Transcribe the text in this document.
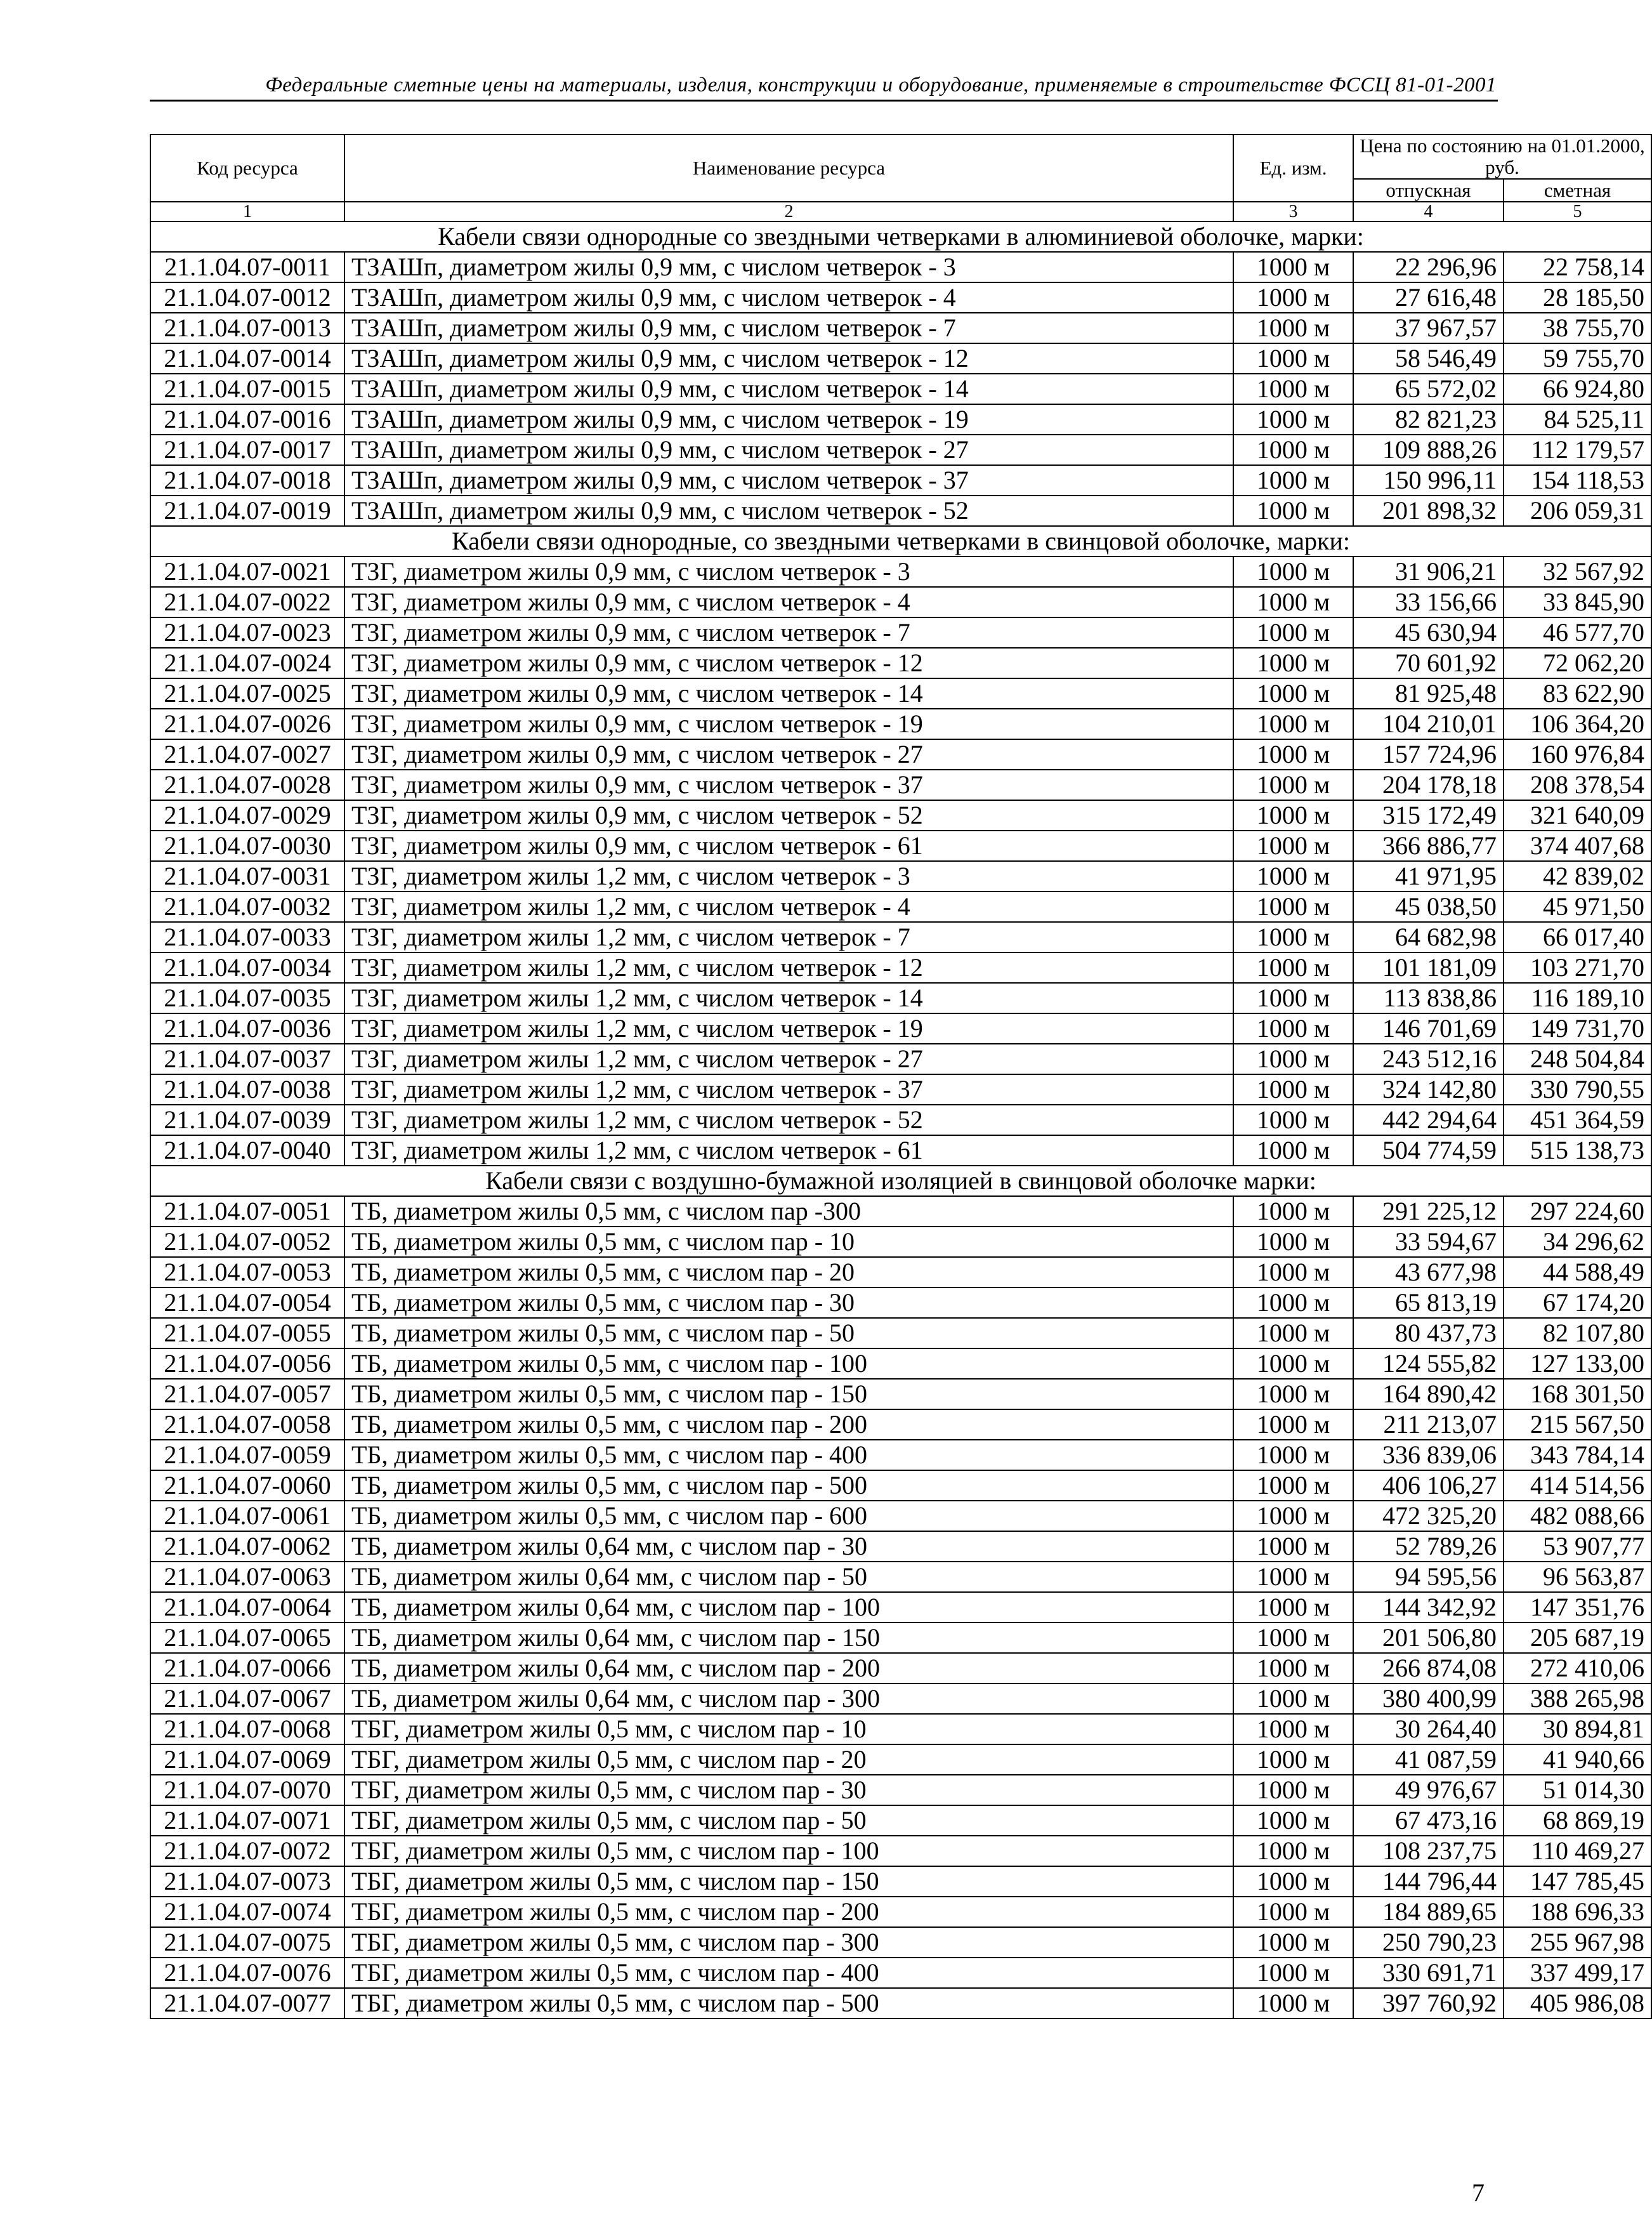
Федеральные сметные цены на материалы, изделия, конструкции и оборудование, применяемые в строительстве ФССЦ 81-01-2001
Код ресурса	Наименование ресурса	Ед. изм.	Цена по состоянию на 01.01.2000, руб.	
			отпускная	сметная
1	2	3	4	5
Кабели связи однородные со звездными четверками в алюминиевой оболочке, марки:				
21.1.04.07-0011	ТЗАШп, диаметром жилы 0,9 мм, с числом четверок - 3	1000 м	22 296,96	22 758,14
21.1.04.07-0012	ТЗАШп, диаметром жилы 0,9 мм, с числом четверок - 4	1000 м	27 616,48	28 185,50
21.1.04.07-0013	ТЗАШп, диаметром жилы 0,9 мм, с числом четверок - 7	1000 м	37 967,57	38 755,70
21.1.04.07-0014	ТЗАШп, диаметром жилы 0,9 мм, с числом четверок - 12	1000 м	58 546,49	59 755,70
21.1.04.07-0015	ТЗАШп, диаметром жилы 0,9 мм, с числом четверок - 14	1000 м	65 572,02	66 924,80
21.1.04.07-0016	ТЗАШп, диаметром жилы 0,9 мм, с числом четверок - 19	1000 м	82 821,23	84 525,11
21.1.04.07-0017	ТЗАШп, диаметром жилы 0,9 мм, с числом четверок - 27	1000 м	109 888,26	112 179,57
21.1.04.07-0018	ТЗАШп, диаметром жилы 0,9 мм, с числом четверок - 37	1000 м	150 996,11	154 118,53
21.1.04.07-0019	ТЗАШп, диаметром жилы 0,9 мм, с числом четверок - 52	1000 м	201 898,32	206 059,31
Кабели связи однородные, со звездными четверками в свинцовой оболочке, марки:				
21.1.04.07-0021	ТЗГ, диаметром жилы 0,9 мм, с числом четверок - 3	1000 м	31 906,21	32 567,92
21.1.04.07-0022	ТЗГ, диаметром жилы 0,9 мм, с числом четверок - 4	1000 м	33 156,66	33 845,90
21.1.04.07-0023	ТЗГ, диаметром жилы 0,9 мм, с числом четверок - 7	1000 м	45 630,94	46 577,70
21.1.04.07-0024	ТЗГ, диаметром жилы 0,9 мм, с числом четверок - 12	1000 м	70 601,92	72 062,20
21.1.04.07-0025	ТЗГ, диаметром жилы 0,9 мм, с числом четверок - 14	1000 м	81 925,48	83 622,90
21.1.04.07-0026	ТЗГ, диаметром жилы 0,9 мм, с числом четверок - 19	1000 м	104 210,01	106 364,20
21.1.04.07-0027	ТЗГ, диаметром жилы 0,9 мм, с числом четверок - 27	1000 м	157 724,96	160 976,84
21.1.04.07-0028	ТЗГ, диаметром жилы 0,9 мм, с числом четверок - 37	1000 м	204 178,18	208 378,54
21.1.04.07-0029	ТЗГ, диаметром жилы 0,9 мм, с числом четверок - 52	1000 м	315 172,49	321 640,09
21.1.04.07-0030	ТЗГ, диаметром жилы 0,9 мм, с числом четверок - 61	1000 м	366 886,77	374 407,68
21.1.04.07-0031	ТЗГ, диаметром жилы 1,2 мм, с числом четверок - 3	1000 м	41 971,95	42 839,02
21.1.04.07-0032	ТЗГ, диаметром жилы 1,2 мм, с числом четверок - 4	1000 м	45 038,50	45 971,50
21.1.04.07-0033	ТЗГ, диаметром жилы 1,2 мм, с числом четверок - 7	1000 м	64 682,98	66 017,40
21.1.04.07-0034	ТЗГ, диаметром жилы 1,2 мм, с числом четверок - 12	1000 м	101 181,09	103 271,70
21.1.04.07-0035	ТЗГ, диаметром жилы 1,2 мм, с числом четверок - 14	1000 м	113 838,86	116 189,10
21.1.04.07-0036	ТЗГ, диаметром жилы 1,2 мм, с числом четверок - 19	1000 м	146 701,69	149 731,70
21.1.04.07-0037	ТЗГ, диаметром жилы 1,2 мм, с числом четверок - 27	1000 м	243 512,16	248 504,84
21.1.04.07-0038	ТЗГ, диаметром жилы 1,2 мм, с числом четверок - 37	1000 м	324 142,80	330 790,55
21.1.04.07-0039	ТЗГ, диаметром жилы 1,2 мм, с числом четверок - 52	1000 м	442 294,64	451 364,59
21.1.04.07-0040	ТЗГ, диаметром жилы 1,2 мм, с числом четверок - 61	1000 м	504 774,59	515 138,73
Кабели связи с воздушно-бумажной изоляцией в свинцовой оболочке марки:				
21.1.04.07-0051	ТБ, диаметром жилы 0,5 мм, с числом пар -300	1000 м	291 225,12	297 224,60
21.1.04.07-0052	ТБ, диаметром жилы 0,5 мм, с числом пар - 10	1000 м	33 594,67	34 296,62
21.1.04.07-0053	ТБ, диаметром жилы 0,5 мм, с числом пар - 20	1000 м	43 677,98	44 588,49
21.1.04.07-0054	ТБ, диаметром жилы 0,5 мм, с числом пар - 30	1000 м	65 813,19	67 174,20
21.1.04.07-0055	ТБ, диаметром жилы 0,5 мм, с числом пар - 50	1000 м	80 437,73	82 107,80
21.1.04.07-0056	ТБ, диаметром жилы 0,5 мм, с числом пар - 100	1000 м	124 555,82	127 133,00
21.1.04.07-0057	ТБ, диаметром жилы 0,5 мм, с числом пар - 150	1000 м	164 890,42	168 301,50
21.1.04.07-0058	ТБ, диаметром жилы 0,5 мм, с числом пар - 200	1000 м	211 213,07	215 567,50
21.1.04.07-0059	ТБ, диаметром жилы 0,5 мм, с числом пар - 400	1000 м	336 839,06	343 784,14
21.1.04.07-0060	ТБ, диаметром жилы 0,5 мм, с числом пар - 500	1000 м	406 106,27	414 514,56
21.1.04.07-0061	ТБ, диаметром жилы 0,5 мм, с числом пар - 600	1000 м	472 325,20	482 088,66
21.1.04.07-0062	ТБ, диаметром жилы 0,64 мм, с числом пар - 30	1000 м	52 789,26	53 907,77
21.1.04.07-0063	ТБ, диаметром жилы 0,64 мм, с числом пар - 50	1000 м	94 595,56	96 563,87
21.1.04.07-0064	ТБ, диаметром жилы 0,64 мм, с числом пар - 100	1000 м	144 342,92	147 351,76
21.1.04.07-0065	ТБ, диаметром жилы 0,64 мм, с числом пар - 150	1000 м	201 506,80	205 687,19
21.1.04.07-0066	ТБ, диаметром жилы 0,64 мм, с числом пар - 200	1000 м	266 874,08	272 410,06
21.1.04.07-0067	ТБ, диаметром жилы 0,64 мм, с числом пар - 300	1000 м	380 400,99	388 265,98
21.1.04.07-0068	ТБГ, диаметром жилы 0,5 мм, с числом пар - 10	1000 м	30 264,40	30 894,81
21.1.04.07-0069	ТБГ, диаметром жилы 0,5 мм, с числом пар - 20	1000 м	41 087,59	41 940,66
21.1.04.07-0070	ТБГ, диаметром жилы 0,5 мм, с числом пар - 30	1000 м	49 976,67	51 014,30
21.1.04.07-0071	ТБГ, диаметром жилы 0,5 мм, с числом пар - 50	1000 м	67 473,16	68 869,19
21.1.04.07-0072	ТБГ, диаметром жилы 0,5 мм, с числом пар - 100	1000 м	108 237,75	110 469,27
21.1.04.07-0073	ТБГ, диаметром жилы 0,5 мм, с числом пар - 150	1000 м	144 796,44	147 785,45
21.1.04.07-0074	ТБГ, диаметром жилы 0,5 мм, с числом пар - 200	1000 м	184 889,65	188 696,33
21.1.04.07-0075	ТБГ, диаметром жилы 0,5 мм, с числом пар - 300	1000 м	250 790,23	255 967,98
21.1.04.07-0076	ТБГ, диаметром жилы 0,5 мм, с числом пар - 400	1000 м	330 691,71	337 499,17
21.1.04.07-0077	ТБГ, диаметром жилы 0,5 мм, с числом пар - 500	1000 м	397 760,92	405 986,08
7
